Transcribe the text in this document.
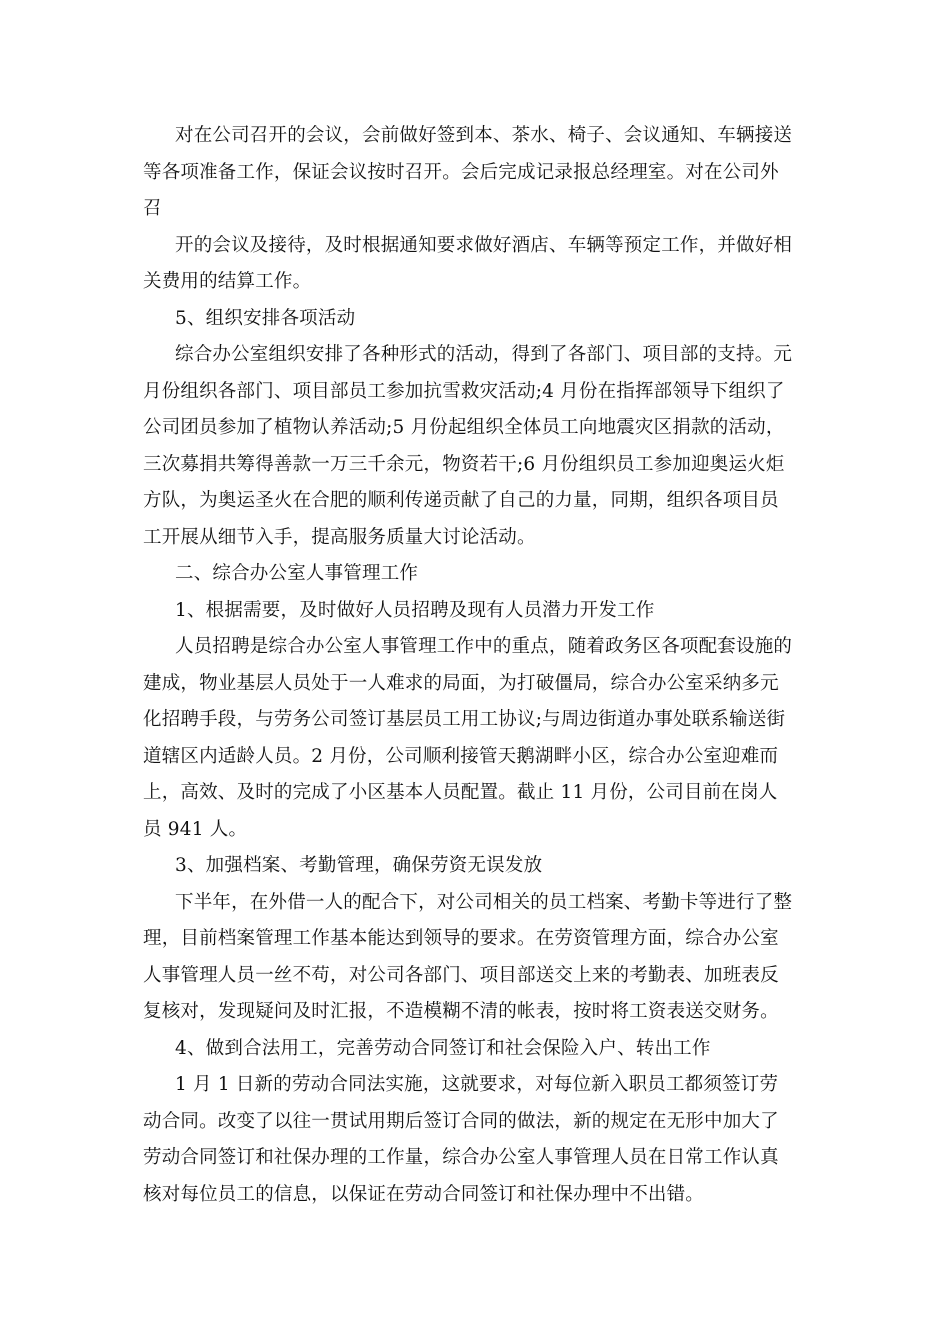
对在公司召开的会议，会前做好签到本、茶水、椅子、会议通知、车辆接送
等各项准备工作，保证会议按时召开。会后完成记录报总经理室。对在公司外
召
开的会议及接待，及时根据通知要求做好酒店、车辆等预定工作，并做好相
关费用的结算工作。
5、组织安排各项活动
综合办公室组织安排了各种形式的活动，得到了各部门、项目部的支持。元
月份组织各部门、项目部员工参加抗雪救灾活动;4 月份在指挥部领导下组织了
公司团员参加了植物认养活动;5 月份起组织全体员工向地震灾区捐款的活动，
三次募捐共筹得善款一万三千余元，物资若干;6 月份组织员工参加迎奥运火炬
方队，为奥运圣火在合肥的顺利传递贡献了自己的力量，同期，组织各项目员
工开展从细节入手，提高服务质量大讨论活动。
二、综合办公室人事管理工作
1、根据需要，及时做好人员招聘及现有人员潜力开发工作
人员招聘是综合办公室人事管理工作中的重点，随着政务区各项配套设施的
建成，物业基层人员处于一人难求的局面，为打破僵局，综合办公室采纳多元
化招聘手段，与劳务公司签订基层员工用工协议;与周边街道办事处联系输送街
道辖区内适龄人员。2 月份，公司顺利接管天鹅湖畔小区，综合办公室迎难而
上，高效、及时的完成了小区基本人员配置。截止 11 月份，公司目前在岗人
员 941 人。
3、加强档案、考勤管理，确保劳资无误发放
下半年，在外借一人的配合下，对公司相关的员工档案、考勤卡等进行了整
理，目前档案管理工作基本能达到领导的要求。在劳资管理方面，综合办公室
人事管理人员一丝不苟，对公司各部门、项目部送交上来的考勤表、加班表反
复核对，发现疑问及时汇报，不造模糊不清的帐表，按时将工资表送交财务。
4、做到合法用工，完善劳动合同签订和社会保险入户、转出工作
1 月 1 日新的劳动合同法实施，这就要求，对每位新入职员工都须签订劳
动合同。改变了以往一贯试用期后签订合同的做法，新的规定在无形中加大了
劳动合同签订和社保办理的工作量，综合办公室人事管理人员在日常工作认真
核对每位员工的信息，以保证在劳动合同签订和社保办理中不出错。
